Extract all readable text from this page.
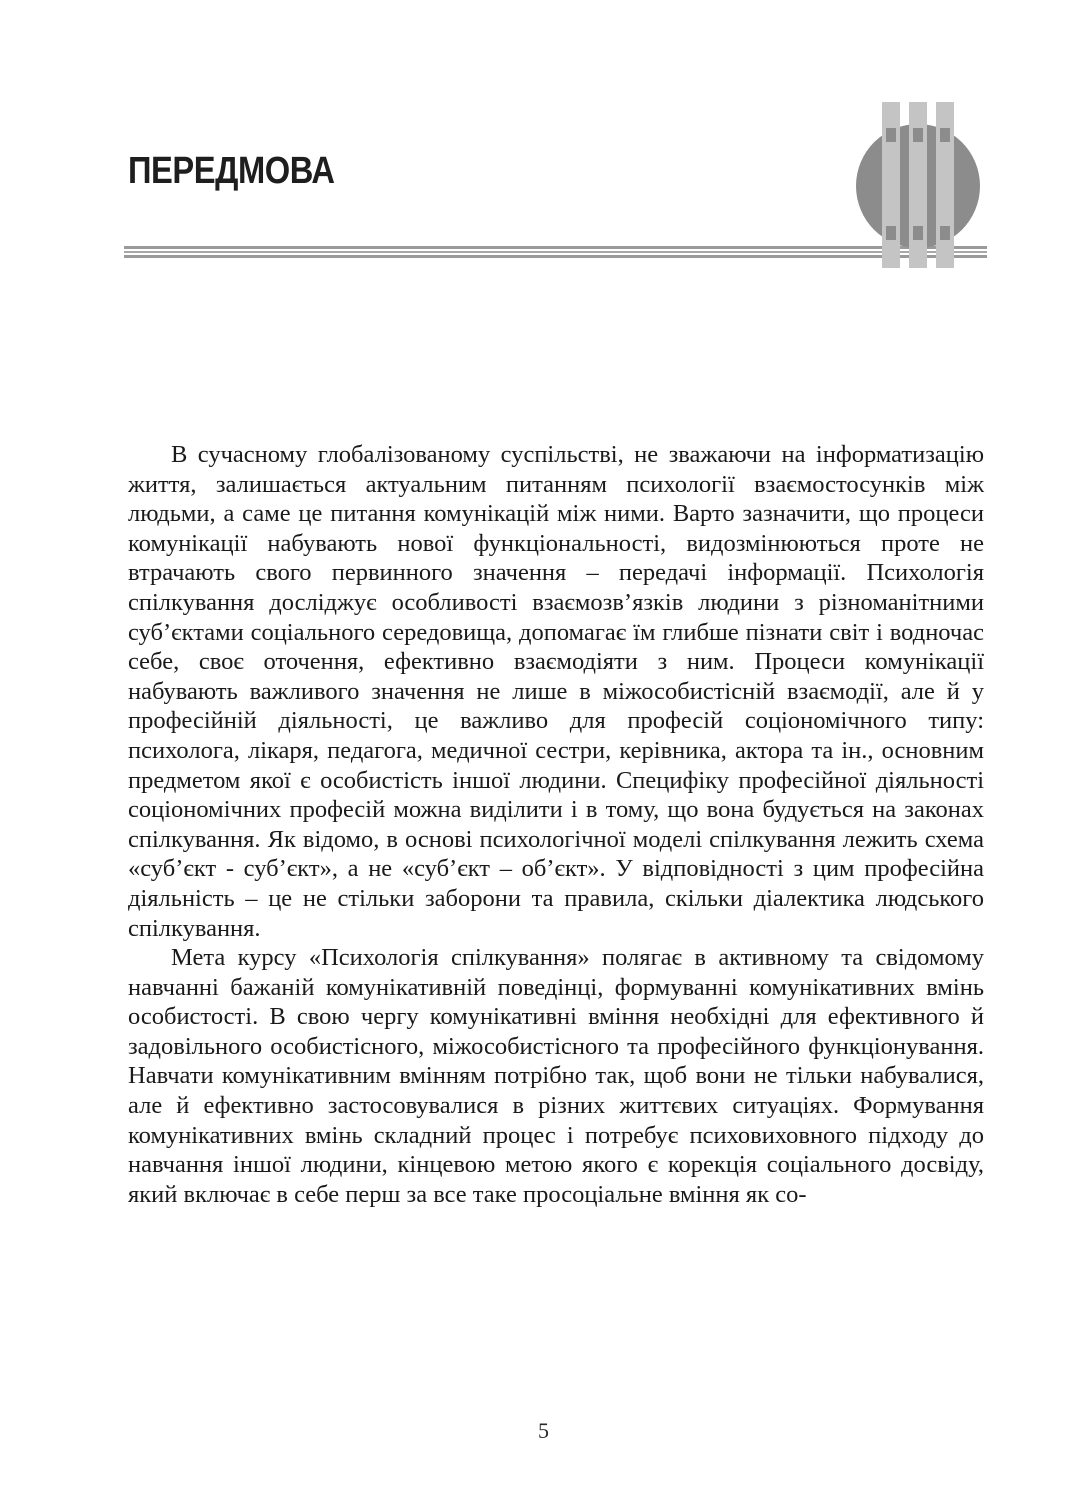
ПЕРЕДМОВА

В сучасному глобалізованому суспільстві, не зважаючи на інформатизацію життя, залишається актуальним питанням психології взаємостосунків між людьми, а саме це питання комунікацій між ними. Варто зазначити, що процеси комунікації набувають нової функціональності, видозмінюються проте не втрачають свого первинного значення – передачі інформації. Психологія спілкування досліджує особливості взаємозв’язків людини з різноманітними суб’єктами соціального середовища, допомагає їм глибше пізнати світ і водночас себе, своє оточення, ефективно взаємодіяти з ним. Процеси комунікації набувають важливого значення не лише в міжособистісній взаємодії, але й у професійній діяльності, це важливо для професій соціономічного типу: психолога, лікаря, педагога, медичної сестри, керівника, актора та ін., основним предметом якої є особистість іншої людини. Специфіку професійної діяльності соціономічних професій можна виділити і в тому, що вона будується на законах спілкування. Як відомо, в основі психологічної моделі спілкування лежить схема «суб’єкт - суб’єкт», а не «суб’єкт – об’єкт». У відповідності з цим професійна діяльність – це не стільки заборони та правила, скільки діалектика людського спілкування.

Мета курсу «Психологія спілкування» полягає в активному та свідомому навчанні бажаній комунікативній поведінці, формуванні комунікативних вмінь особистості. В свою чергу комунікативні вміння необхідні для ефективного й задовільного особистісного, міжособистісного та професійного функціонування. Навчати комунікативним вмінням потрібно так, щоб вони не тільки набувалися, але й ефективно застосовувалися в різних життєвих ситуаціях. Формування комунікативних вмінь складний процес і потребує психовиховного підходу до навчання іншої людини, кінцевою метою якого є корекція соціального досвіду, який включає в себе перш за все таке просоціальне вміння як со-

5
